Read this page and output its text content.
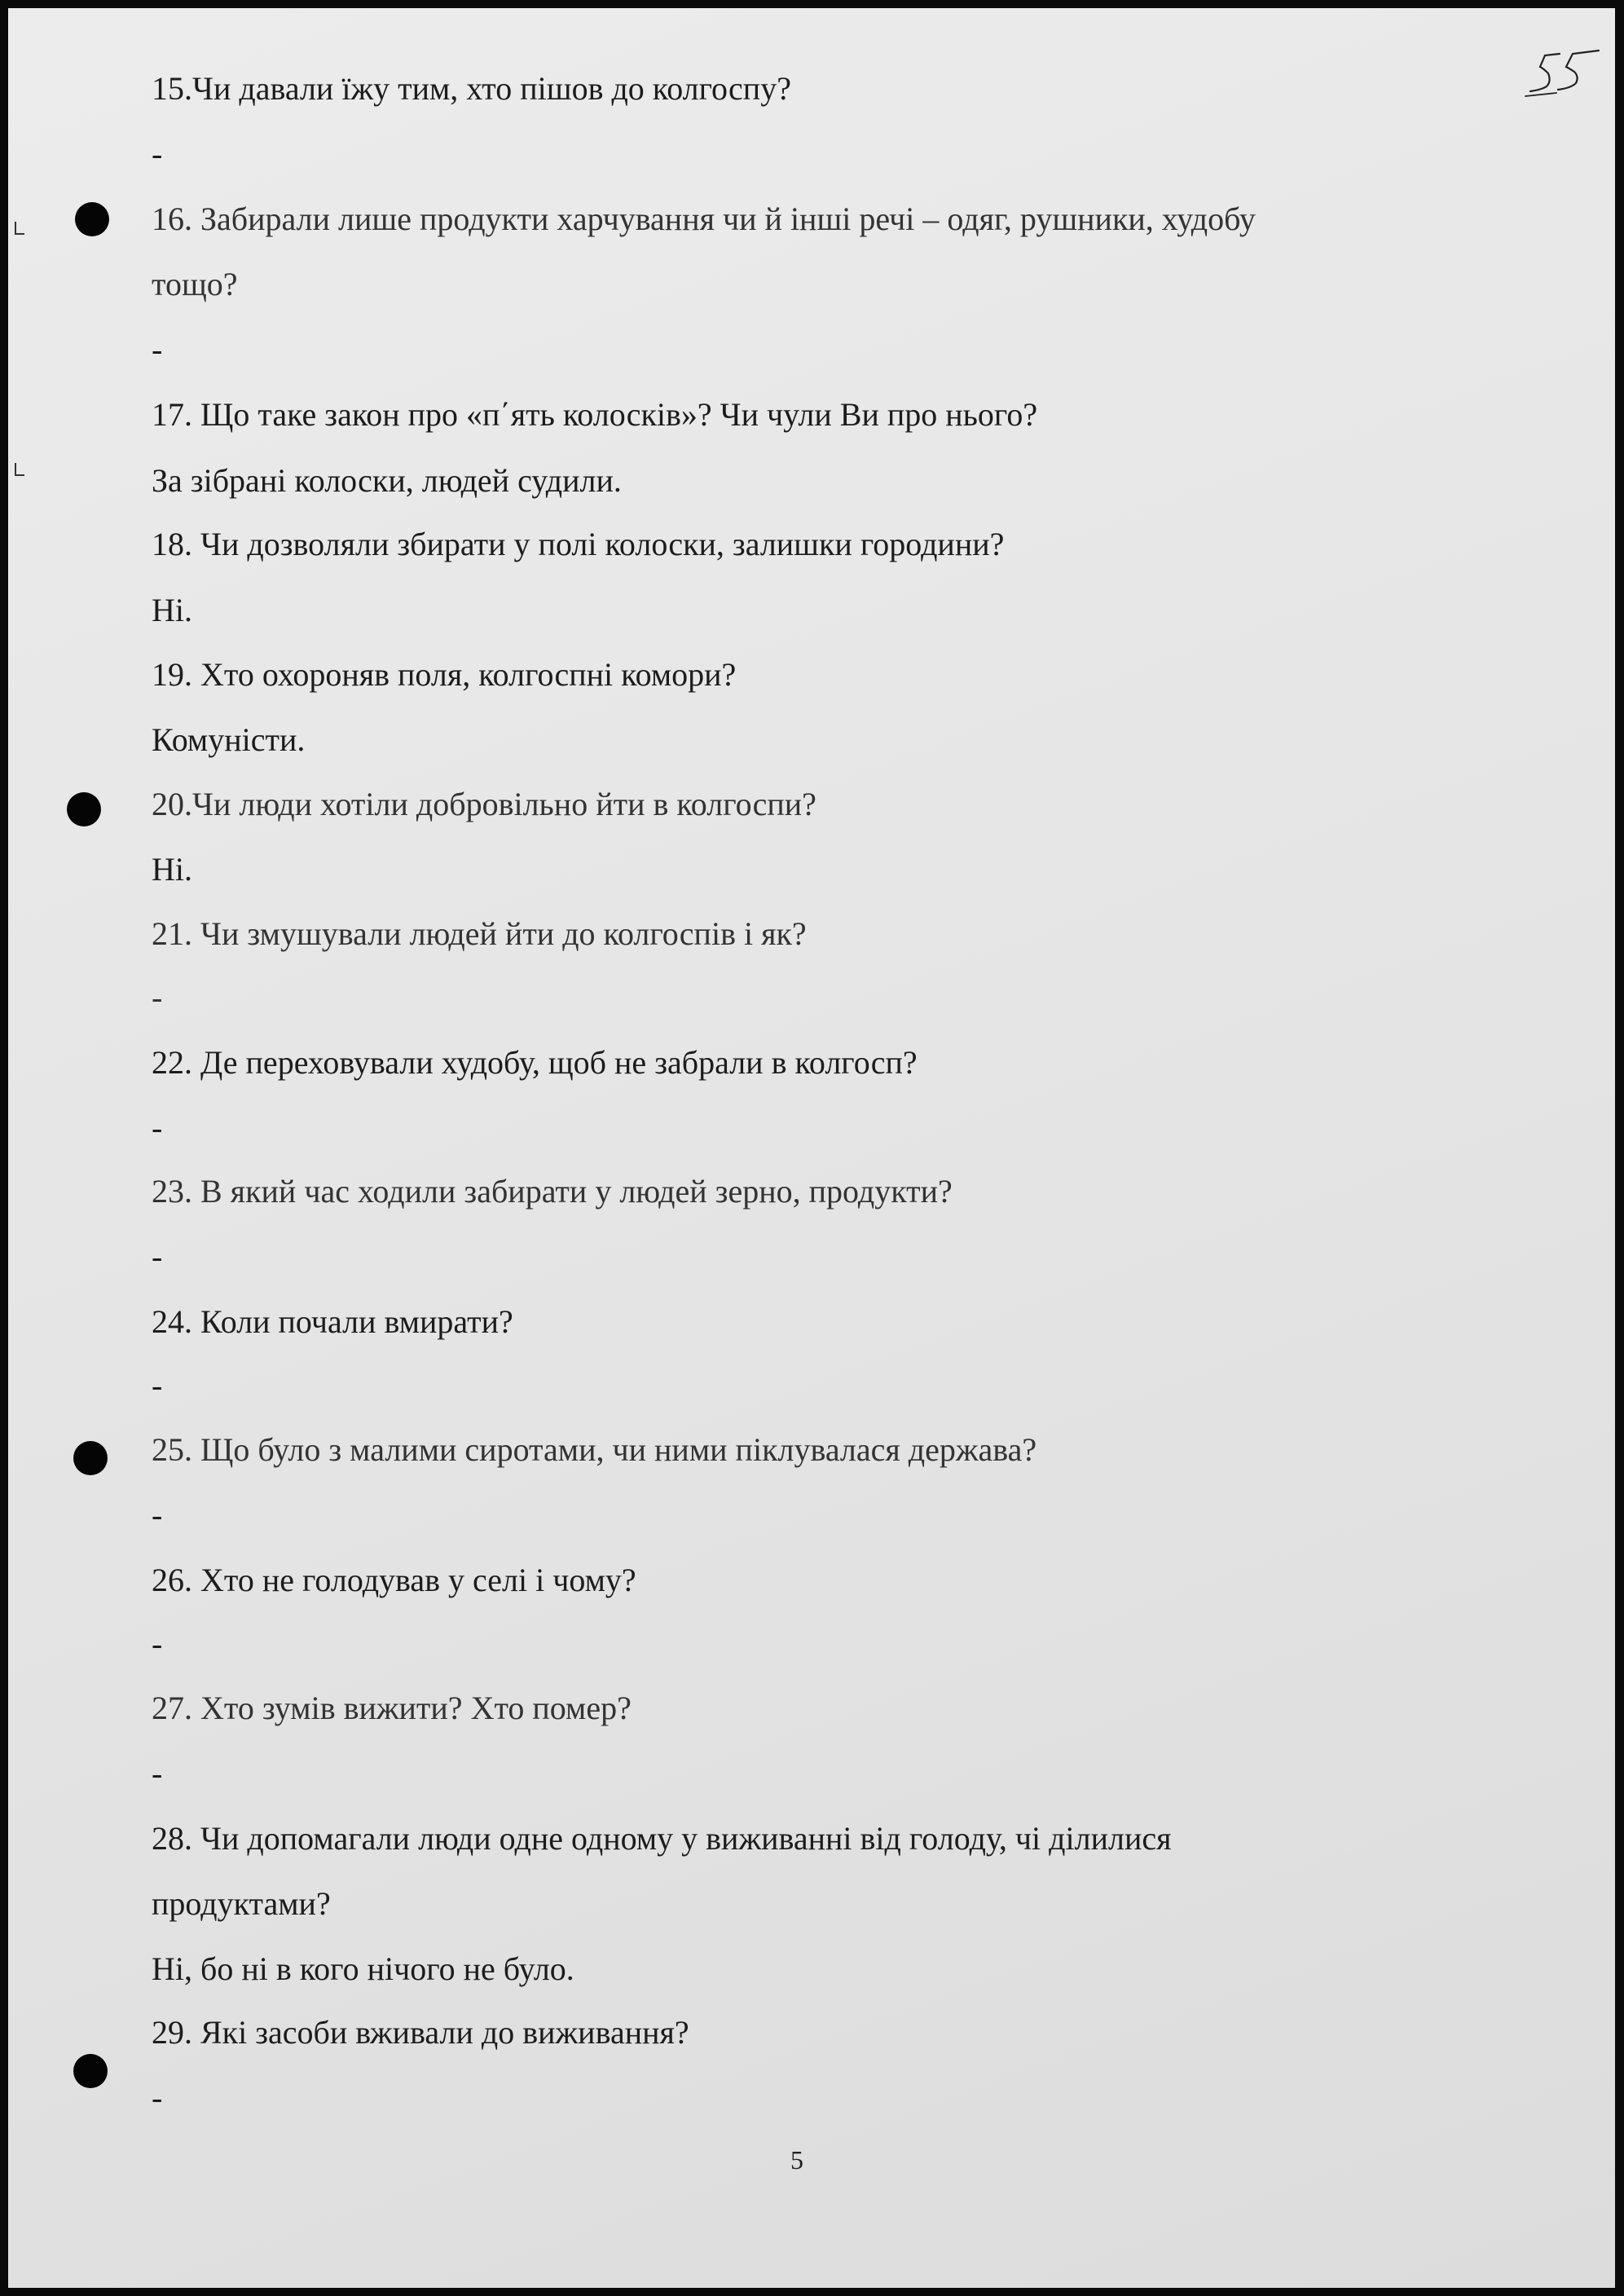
15.Чи давали їжу тим, хто пішов до колгоспу?

-

16. Забирали лише продукти харчування чи й інші речі – одяг, рушники, худобу

тощо?

-

17. Що таке закон про «п΄ять колосків»? Чи чули Ви про нього?

За зібрані колоски, людей судили.

18. Чи дозволяли збирати у полі колоски, залишки городини?

Ні.

19. Хто охороняв поля, колгоспні комори?

Комуністи.

20.Чи люди хотіли добровільно йти в колгоспи?

Ні.

21. Чи змушували людей йти до колгоспів і як?

-

22. Де переховували худобу, щоб не забрали в колгосп?

-

23. В який час ходили забирати у людей зерно, продукти?

-

24. Коли почали вмирати?

-

25. Що було з малими сиротами, чи ними піклувалася держава?

-

26. Хто не голодував у селі і чому?

-

27. Хто зумів вижити? Хто помер?

-

28. Чи допомагали люди одне одному у виживанні від голоду, чі ділилися

продуктами?

Ні, бо ні в кого нічого не було.

29. Які засоби вживали до виживання?

-

5
